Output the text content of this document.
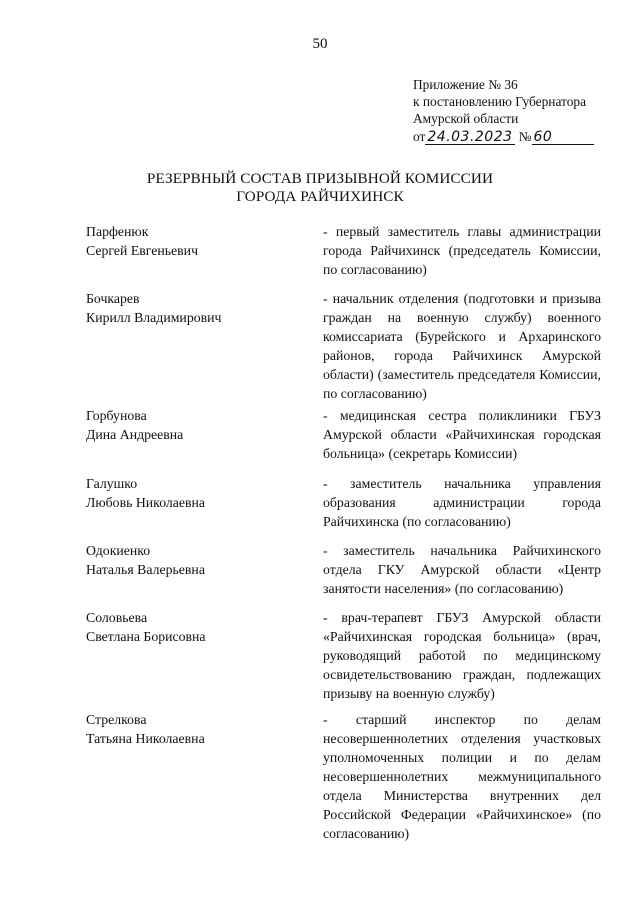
50
Приложение № 36
к постановлению Губернатора
Амурской области
от 24.03.2023 № 60
РЕЗЕРВНЫЙ СОСТАВ ПРИЗЫВНОЙ КОМИССИИ
ГОРОДА РАЙЧИХИНСК
Парфенюк
Сергей Евгеньевич
- первый заместитель главы администрации города Райчихинск (председатель Комиссии, по согласованию)
Бочкарев
Кирилл Владимирович
- начальник отделения (подготовки и призыва граждан на военную службу) военного комиссариата (Бурейского и Архаринского районов, города Райчихинск Амурской области) (заместитель председателя Комиссии, по согласованию)
Горбунова
Дина Андреевна
- медицинская сестра поликлиники ГБУЗ Амурской области «Райчихинская городская больница» (секретарь Комиссии)
Галушко
Любовь Николаевна
- заместитель начальника управления образования администрации города Райчихинска (по согласованию)
Одокиенко
Наталья Валерьевна
- заместитель начальника Райчихинского отдела ГКУ Амурской области «Центр занятости населения» (по согласованию)
Соловьева
Светлана Борисовна
- врач-терапевт ГБУЗ Амурской области «Райчихинская городская больница» (врач, руководящий работой по медицинскому освидетельствованию граждан, подлежащих призыву на военную службу)
Стрелкова
Татьяна Николаевна
- старший инспектор по делам несовершеннолетних отделения участковых уполномоченных полиции и по делам несовершеннолетних межмуниципального отдела Министерства внутренних дел Российской Федерации «Райчихинское» (по согласованию)
